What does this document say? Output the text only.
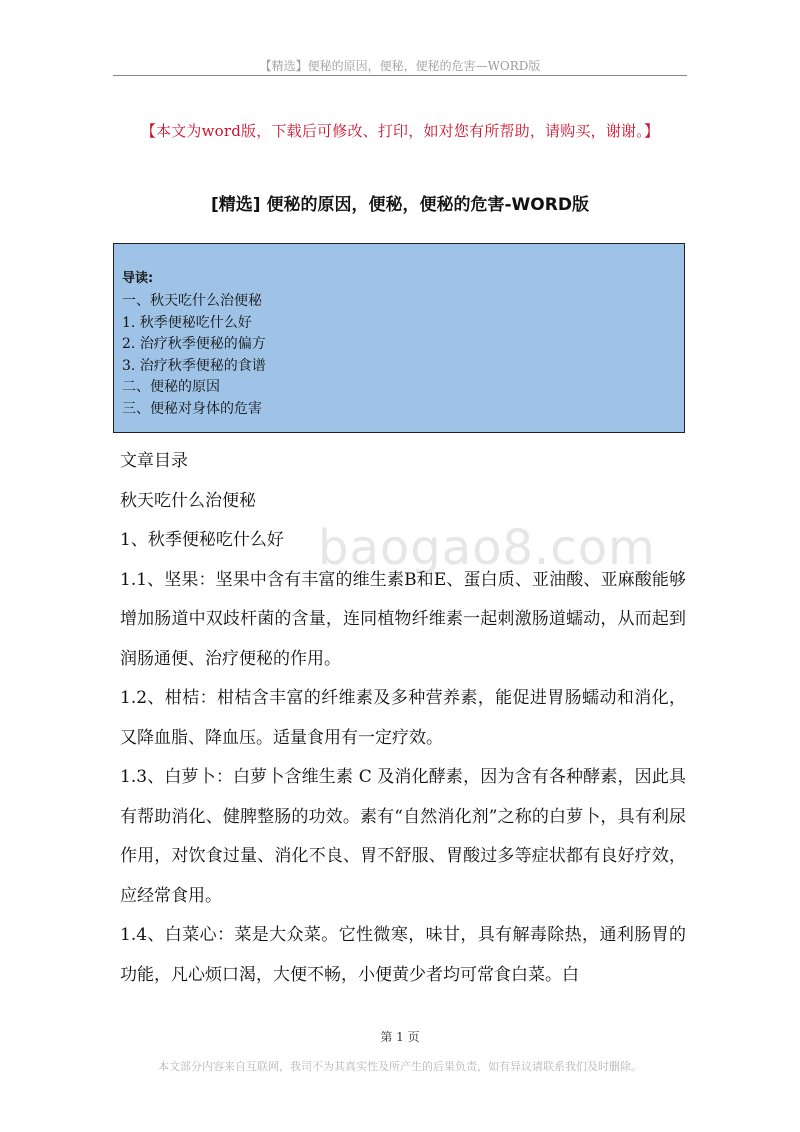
【精选】便秘的原因，便秘，便秘的危害—WORD版
【本文为word版，下载后可修改、打印，如对您有所帮助，请购买，谢谢。】
[精选] 便秘的原因，便秘，便秘的危害-WORD版
导读:
一、秋天吃什么治便秘
1. 秋季便秘吃什么好
2. 治疗秋季便秘的偏方
3. 治疗秋季便秘的食谱
二、便秘的原因
三、便秘对身体的危害
baogao8.com

文章目录

秋天吃什么治便秘

1、秋季便秘吃什么好

1.1、坚果：坚果中含有丰富的维生素B和E、蛋白质、亚油酸、亚麻酸能够增加肠道中双歧杆菌的含量，连同植物纤维素一起刺激肠道蠕动，从而起到润肠通便、治疗便秘的作用。

1.2、柑桔：柑桔含丰富的纤维素及多种营养素，能促进胃肠蠕动和消化，又降血脂、降血压。适量食用有一定疗效。

1.3、白萝卜：白萝卜含维生素 C 及消化酵素，因为含有各种酵素，因此具有帮助消化、健脾整肠的功效。素有“自然消化剂”之称的白萝卜，具有利尿作用，对饮食过量、消化不良、胃不舒服、胃酸过多等症状都有良好疗效，应经常食用。

1.4、白菜心：菜是大众菜。它性微寒，味甘，具有解毒除热，通利肠胃的功能，凡心烦口渴，大便不畅，小便黄少者均可常食白菜。白

第 1 页
本文部分内容来自互联网，我司不为其真实性及所产生的后果负责，如有异议请联系我们及时删除。
